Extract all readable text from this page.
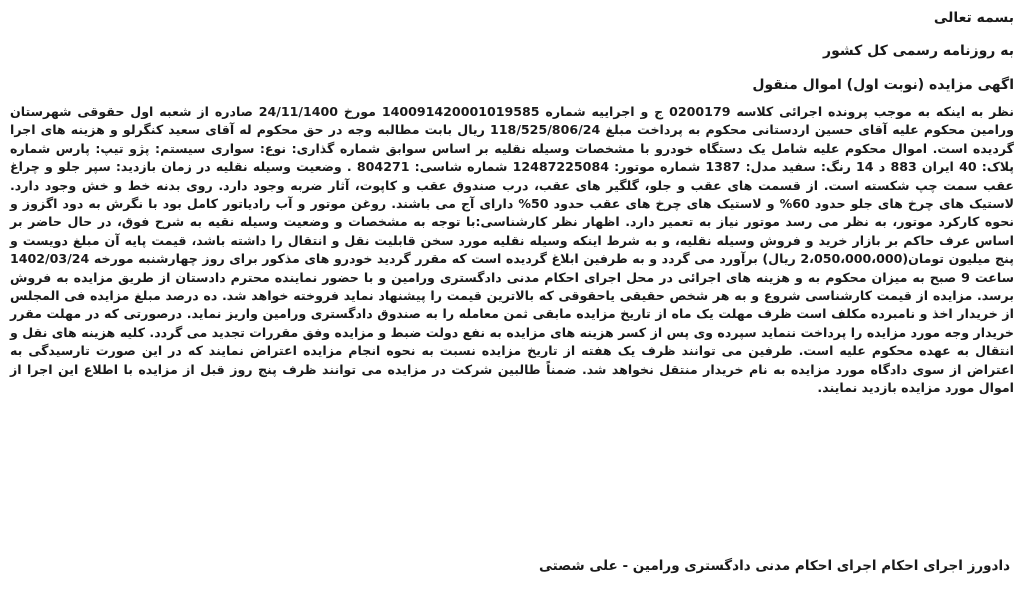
بسمه تعالی

به روزنامه رسمی کل کشور

اگهی مزایده (نوبت اول) اموال منقول

نظر به اینکه به موجب پرونده اجرائی کلاسه 0200179 ج و اجراییه شماره 140091420001019585 مورخ 24/11/1400 صادره از شعبه اول حقوقی شهرستان ورامین محکوم علیه آقای حسین اردستانی محکوم به پرداخت مبلغ 118/525/806/24 ریال بابت مطالبه وجه در حق محکوم له آقای سعید کنگرلو و هزینه های اجرا گردیده است. اموال محکوم علیه شامل یک دستگاه خودرو با مشخصات وسیله نقلیه بر اساس سوابق شماره گذاری: نوع: سواری سیستم: پژو تیپ: پارس شماره پلاک: 40 ایران 883 د 14 رنگ: سفید مدل: 1387 شماره موتور: 12487225084 شماره شاسی: 804271 . وضعیت وسیله نقلیه در زمان بازدید: سپر جلو و چراغ عقب سمت چپ شکسته است. از قسمت های عقب و جلو، گلگیر های عقب، درب صندوق عقب و کاپوت، آثار ضربه وجود دارد. روی بدنه خط و خش وجود دارد. لاستیک های چرخ های جلو حدود 60% و لاستیک های چرخ های عقب حدود 50% دارای آج می باشند. روغن موتور و آب رادیاتور کامل بود با نگرش به دود اگزوز و نحوه کارکرد موتور، به نظر می رسد موتور نیاز به تعمیر دارد. اظهار نظر کارشناسی:با توجه به مشخصات و وضعیت وسیله نقیه به شرح فوق، در حال حاضر بر اساس عرف حاکم بر بازار خرید و فروش وسیله نقلیه، و به شرط اینکه وسیله نقلیه مورد سخن قابلیت نقل و انتقال را داشته باشد، قیمت پایه آن مبلغ دویست و پنج میلیون تومان(2،050،000،000 ریال) برآورد می گردد و به طرفین ابلاغ گردیده است که مقرر گردید خودرو های مذکور برای روز چهارشنبه مورخه 1402/03/24 ساعت 9 صبح به میزان محکوم به و هزینه های اجرائی در محل اجرای احکام مدنی دادگستری ورامین و با حضور نماینده محترم دادستان از طریق مزایده به فروش برسد. مزایده از قیمت کارشناسی شروع و به هر شخص حقیقی یاحقوقی که بالاترین قیمت را پیشنهاد نماید فروخته خواهد شد. ده درصد مبلغ مزایده فی المجلس از خریدار اخذ و نامبرده مکلف است ظرف مهلت یک ماه از تاریخ مزایده مابقی ثمن معامله را به صندوق دادگستری ورامین واریز نماید. درصورتی که در مهلت مقرر خریدار وجه مورد مزایده را پرداخت ننماید سپرده وی پس از کسر هزینه های مزایده به نفع دولت ضبط و مزایده وفق مقررات تجدید می گردد. کلیه هزینه های نقل و انتقال به عهده محکوم علیه است. طرفین می توانند ظرف یک هفته از تاریخ مزایده نسبت به نحوه انجام مزایده اعتراض نمایند که در این صورت تارسیدگی به اعتراض از سوی دادگاه مورد مزایده به نام خریدار منتقل نخواهد شد. ضمناً طالبین شرکت در مزایده می توانند ظرف پنج روز قبل از مزایده با اطلاع این اجرا از اموال مورد مزایده بازدید نمایند.

دادورز اجرای احکام اجرای احکام مدنی دادگستری ورامین - علی شصتی
